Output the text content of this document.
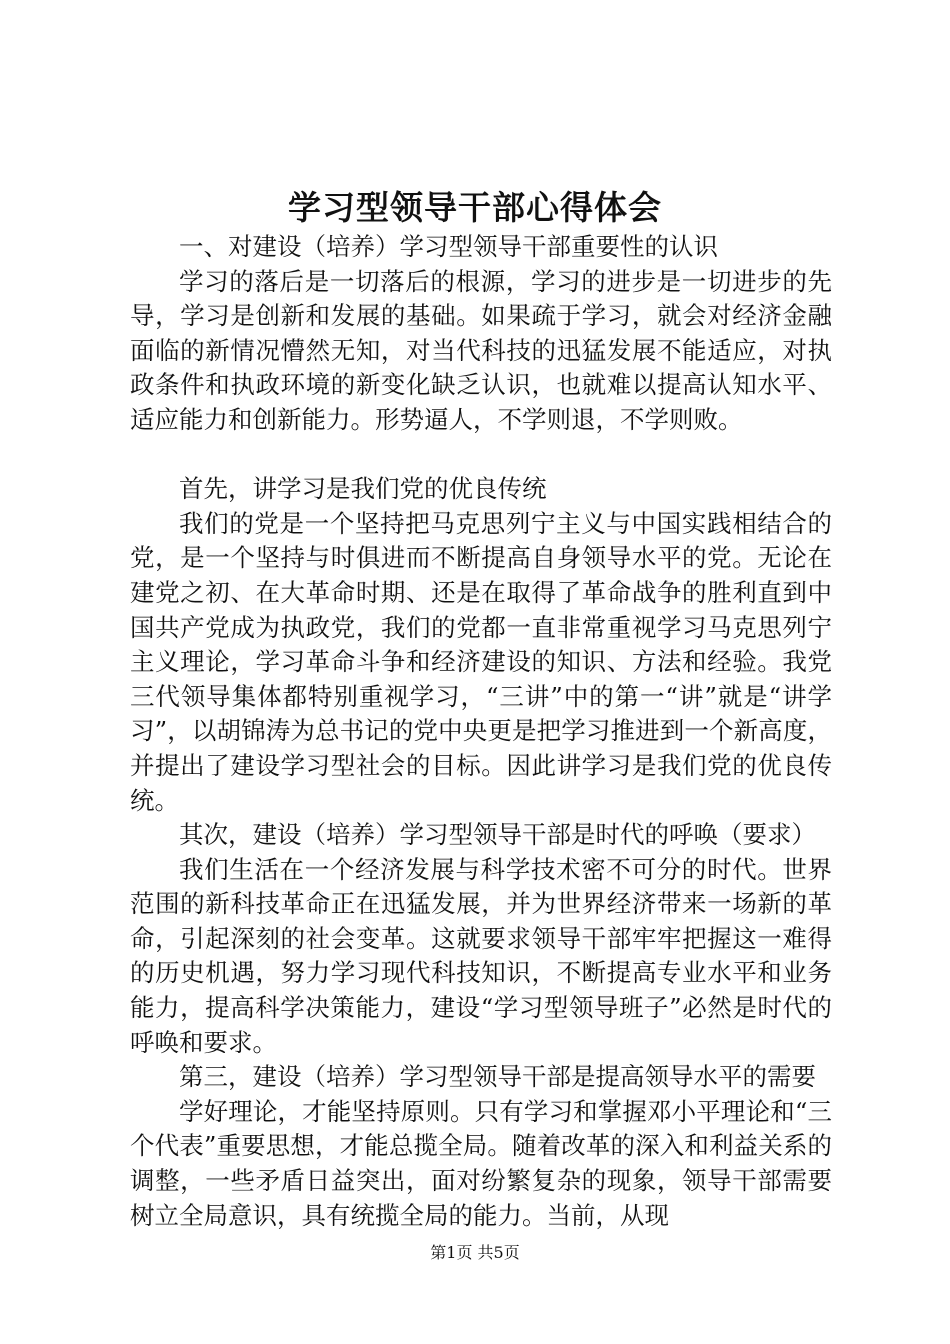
学习型领导干部心得体会

一、对建设（培养）学习型领导干部重要性的认识

学习的落后是一切落后的根源，学习的进步是一切进步的先导，学习是创新和发展的基础。如果疏于学习，就会对经济金融面临的新情况懵然无知，对当代科技的迅猛发展不能适应，对执政条件和执政环境的新变化缺乏认识，也就难以提高认知水平、适应能力和创新能力。形势逼人，不学则退，不学则败。

首先，讲学习是我们党的优良传统

我们的党是一个坚持把马克思列宁主义与中国实践相结合的党，是一个坚持与时俱进而不断提高自身领导水平的党。无论在建党之初、在大革命时期、还是在取得了革命战争的胜利直到中国共产党成为执政党，我们的党都一直非常重视学习马克思列宁主义理论，学习革命斗争和经济建设的知识、方法和经验。我党三代领导集体都特别重视学习，“三讲”中的第一“讲”就是“讲学习”，以胡锦涛为总书记的党中央更是把学习推进到一个新高度，并提出了建设学习型社会的目标。因此讲学习是我们党的优良传统。

其次，建设（培养）学习型领导干部是时代的呼唤（要求）

我们生活在一个经济发展与科学技术密不可分的时代。世界范围的新科技革命正在迅猛发展，并为世界经济带来一场新的革命，引起深刻的社会变革。这就要求领导干部牢牢把握这一难得的历史机遇，努力学习现代科技知识，不断提高专业水平和业务能力，提高科学决策能力，建设“学习型领导班子”必然是时代的呼唤和要求。

第三，建设（培养）学习型领导干部是提高领导水平的需要

学好理论，才能坚持原则。只有学习和掌握邓小平理论和“三个代表”重要思想，才能总揽全局。随着改革的深入和利益关系的调整，一些矛盾日益突出，面对纷繁复杂的现象，领导干部需要树立全局意识，具有统揽全局的能力。当前，从现

第1页 共5页
